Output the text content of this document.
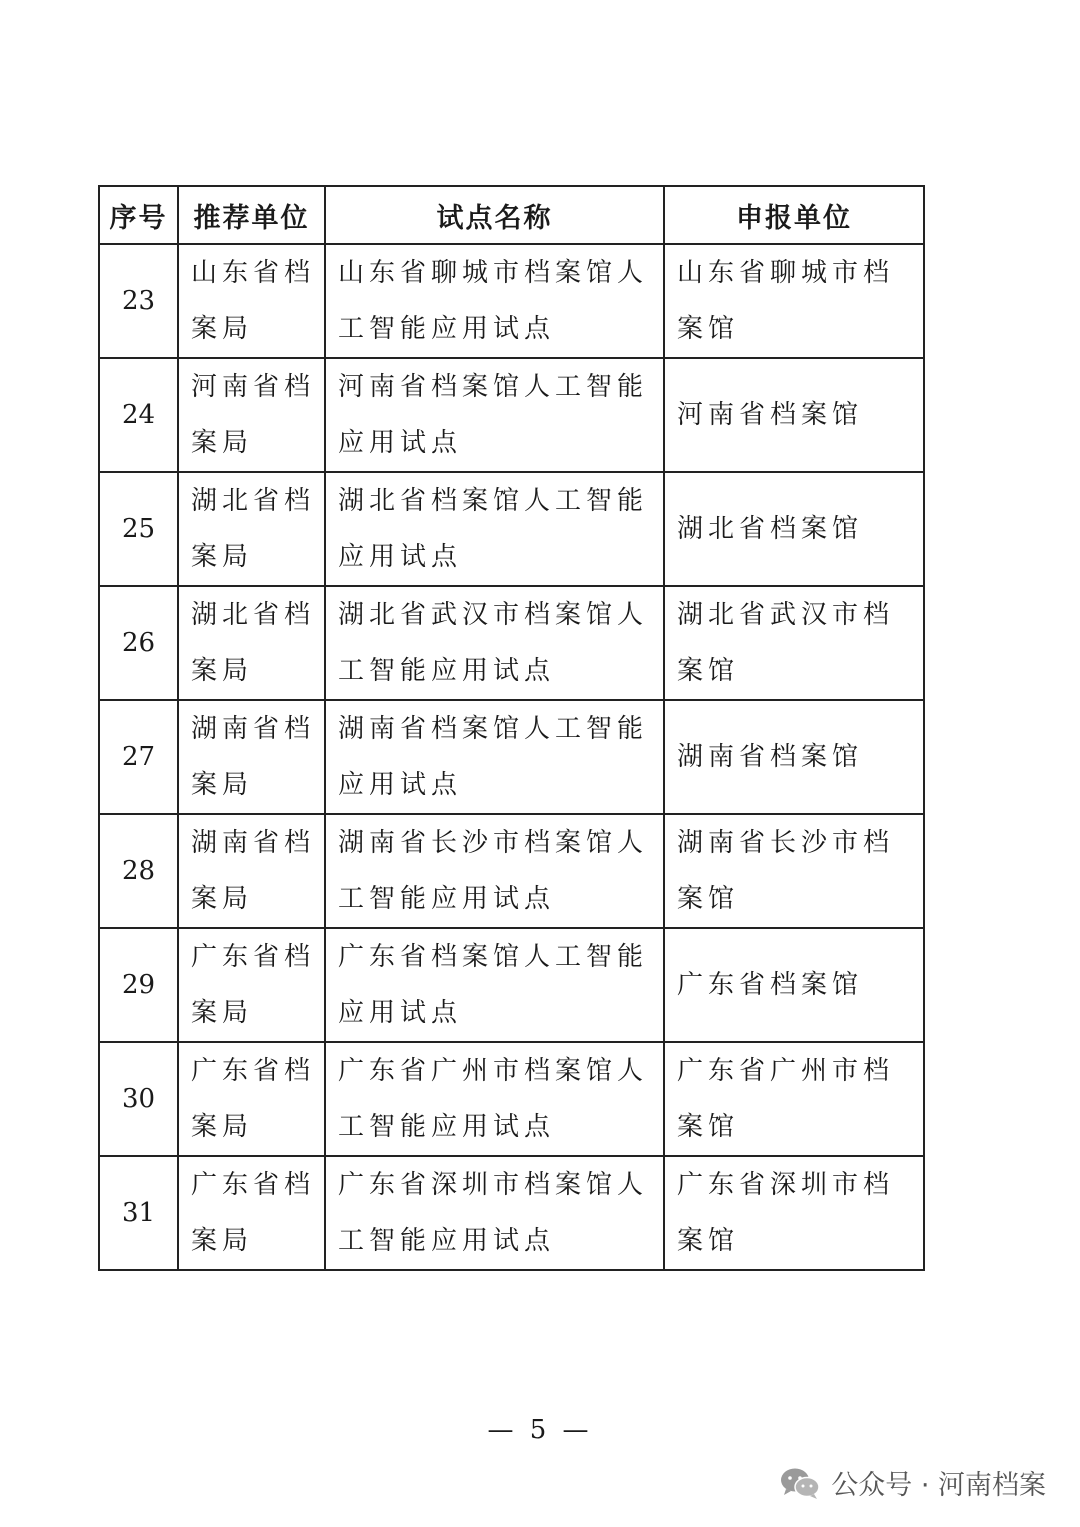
序号	推荐单位	试点名称	申报单位
23	山东省档案局	山东省聊城市档案馆人工智能应用试点	山东省聊城市档案馆
24	河南省档案局	河南省档案馆人工智能应用试点	河南省档案馆
25	湖北省档案局	湖北省档案馆人工智能应用试点	湖北省档案馆
26	湖北省档案局	湖北省武汉市档案馆人工智能应用试点	湖北省武汉市档案馆
27	湖南省档案局	湖南省档案馆人工智能应用试点	湖南省档案馆
28	湖南省档案局	湖南省长沙市档案馆人工智能应用试点	湖南省长沙市档案馆
29	广东省档案局	广东省档案馆人工智能应用试点	广东省档案馆
30	广东省档案局	广东省广州市档案馆人工智能应用试点	广东省广州市档案馆
31	广东省档案局	广东省深圳市档案馆人工智能应用试点	广东省深圳市档案馆
— 5 —
公众号 · 河南档案
